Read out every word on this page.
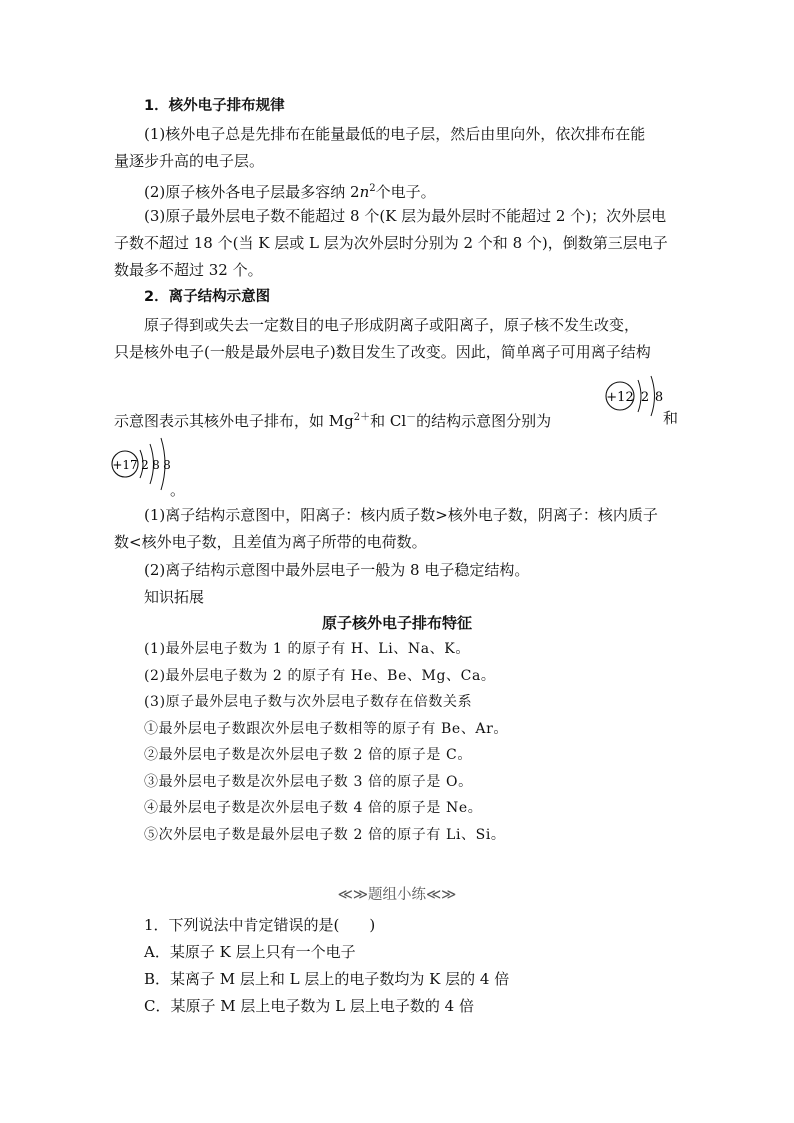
1．核外电子排布规律
(1)核外电子总是先排布在能量最低的电子层，然后由里向外，依次排布在能
量逐步升高的电子层。
(2)原子核外各电子层最多容纳 $2n^2$个电子。
(3)原子最外层电子数不能超过 8 个(K 层为最外层时不能超过 2 个)；次外层电
子数不超过 18 个(当 K 层或 L 层为次外层时分别为 2 个和 8 个)，倒数第三层电子
数最多不超过 32 个。
2．离子结构示意图
原子得到或失去一定数目的电子形成阴离子或阳离子，原子核不发生改变，
只是核外电子(一般是最外层电子)数目发生了改变。因此，简单离子可用离子结构
示意图表示其核外电子排布，如 $Mg^{2+}$和 Cl－的结构示意图分别为
+12 2 8
和
+17 2 8 8
。
(1)离子结构示意图中，阳离子：核内质子数>核外电子数，阴离子：核内质子
数<核外电子数，且差值为离子所带的电荷数。
(2)离子结构示意图中最外层电子一般为 8 电子稳定结构。
知识拓展
原子核外电子排布特征
(1)最外层电子数为 1 的原子有 H、Li、Na、K。
(2)最外层电子数为 2 的原子有 He、Be、Mg、Ca。
(3)原子最外层电子数与次外层电子数存在倍数关系
①最外层电子数跟次外层电子数相等的原子有 Be、Ar。
②最外层电子数是次外层电子数 2 倍的原子是 C。
③最外层电子数是次外层电子数 3 倍的原子是 O。
④最外层电子数是次外层电子数 4 倍的原子是 Ne。
⑤次外层电子数是最外层电子数 2 倍的原子有 Li、Si。
≪≫题组小练≪≫
1．下列说法中肯定错误的是(　　)
A．某原子 K 层上只有一个电子
B．某离子 M 层上和 L 层上的电子数均为 K 层的 4 倍
C．某原子 M 层上电子数为 L 层上电子数的 4 倍
